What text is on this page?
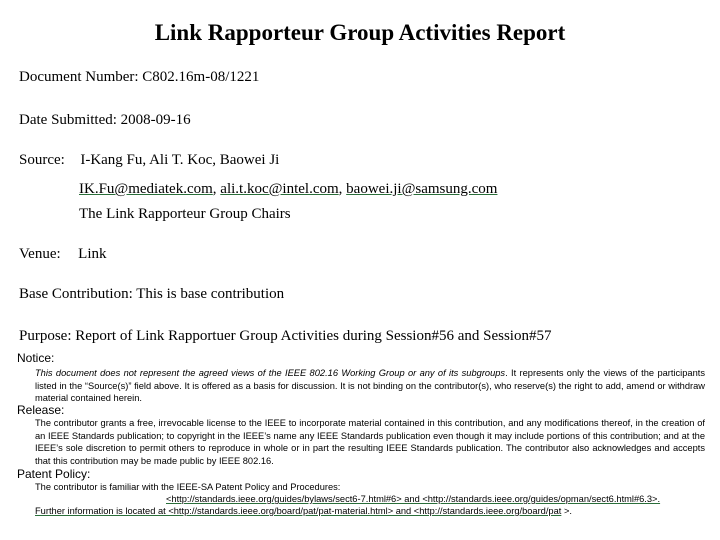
Link Rapporteur Group Activities Report
Document Number: C802.16m-08/1221
Date Submitted: 2008-09-16
Source: I-Kang Fu, Ali T. Koc, Baowei Ji
IK.Fu@mediatek.com, ali.t.koc@intel.com, baowei.ji@samsung.com
The Link Rapporteur Group Chairs
Venue: Link
Base Contribution: This is base contribution
Purpose: Report of Link Rapportuer Group Activities during Session#56 and Session#57
Notice:
This document does not represent the agreed views of the IEEE 802.16 Working Group or any of its subgroups. It represents only the views of the participants listed in the “Source(s)” field above. It is offered as a basis for discussion. It is not binding on the contributor(s), who reserve(s) the right to add, amend or withdraw material contained herein.
Release:
The contributor grants a free, irrevocable license to the IEEE to incorporate material contained in this contribution, and any modifications thereof, in the creation of an IEEE Standards publication; to copyright in the IEEE’s name any IEEE Standards publication even though it may include portions of this contribution; and at the IEEE’s sole discretion to permit others to reproduce in whole or in part the resulting IEEE Standards publication. The contributor also acknowledges and accepts that this contribution may be made public by IEEE 802.16.
Patent Policy:
The contributor is familiar with the IEEE-SA Patent Policy and Procedures:
<http://standards.ieee.org/guides/bylaws/sect6-7.html#6> and <http://standards.ieee.org/guides/opman/sect6.html#6.3>.
Further information is located at <http://standards.ieee.org/board/pat/pat-material.html> and <http://standards.ieee.org/board/pat >.
